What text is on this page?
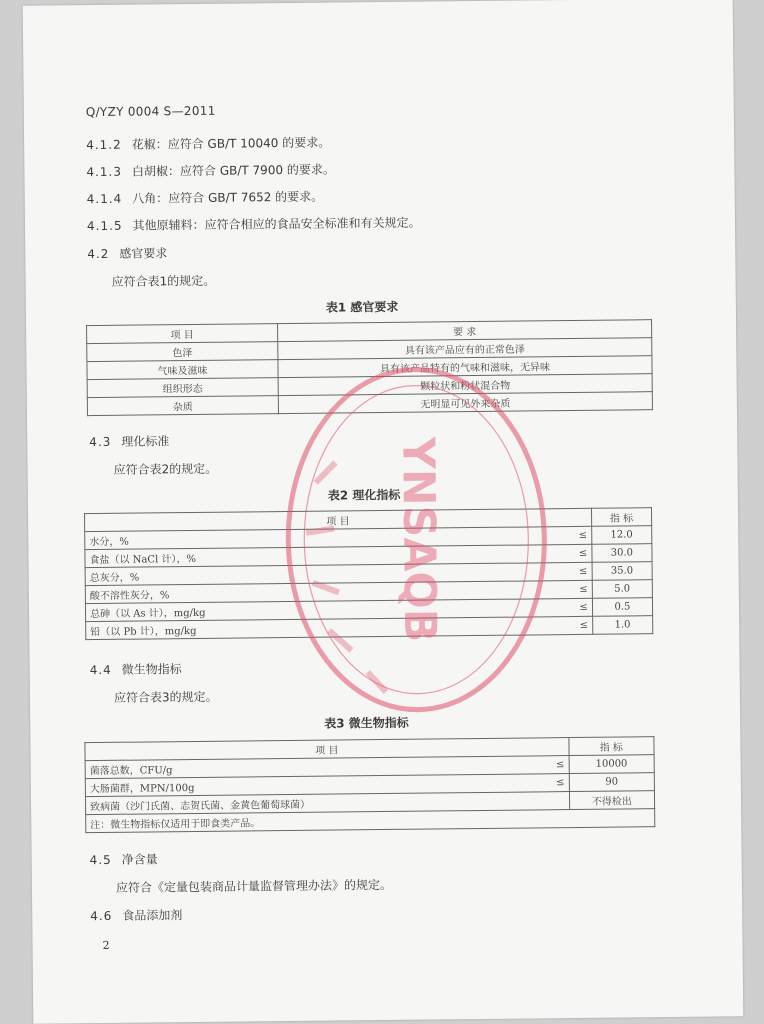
Q/YZY 0004 S—2011
4.1.2 花椒：应符合 GB/T 10040 的要求。
4.1.3 白胡椒：应符合 GB/T 7900 的要求。
4.1.4 八角：应符合 GB/T 7652 的要求。
4.1.5 其他原辅料：应符合相应的食品安全标准和有关规定。
4.2 感官要求
应符合表1的规定。
表1 感官要求
项 目	要 求
色泽	具有该产品应有的正常色泽
气味及滋味	具有该产品特有的气味和滋味，无异味
组织形态	颗粒状和粉状混合物
杂质	无明显可见外来杂质
4.3 理化标准
应符合表2的规定。
表2 理化指标
项 目		指 标
水分，%	≤	12.0
食盐（以 NaCl 计），%	≤	30.0
总灰分，%	≤	35.0
酸不溶性灰分，%	≤	5.0
总砷（以 As 计），mg/kg	≤	0.5
铅（以 Pb 计），mg/kg	≤	1.0
4.4 微生物指标
应符合表3的规定。
表3 微生物指标
项 目		指 标
菌落总数，CFU/g	≤	10000
大肠菌群，MPN/100g	≤	90
致病菌（沙门氏菌、志贺氏菌、金黄色葡萄球菌）		不得检出
注：微生物指标仅适用于即食类产品。		
4.5 净含量
应符合《定量包装商品计量监督管理办法》的规定。
4.6 食品添加剂
2
YNSAQB
